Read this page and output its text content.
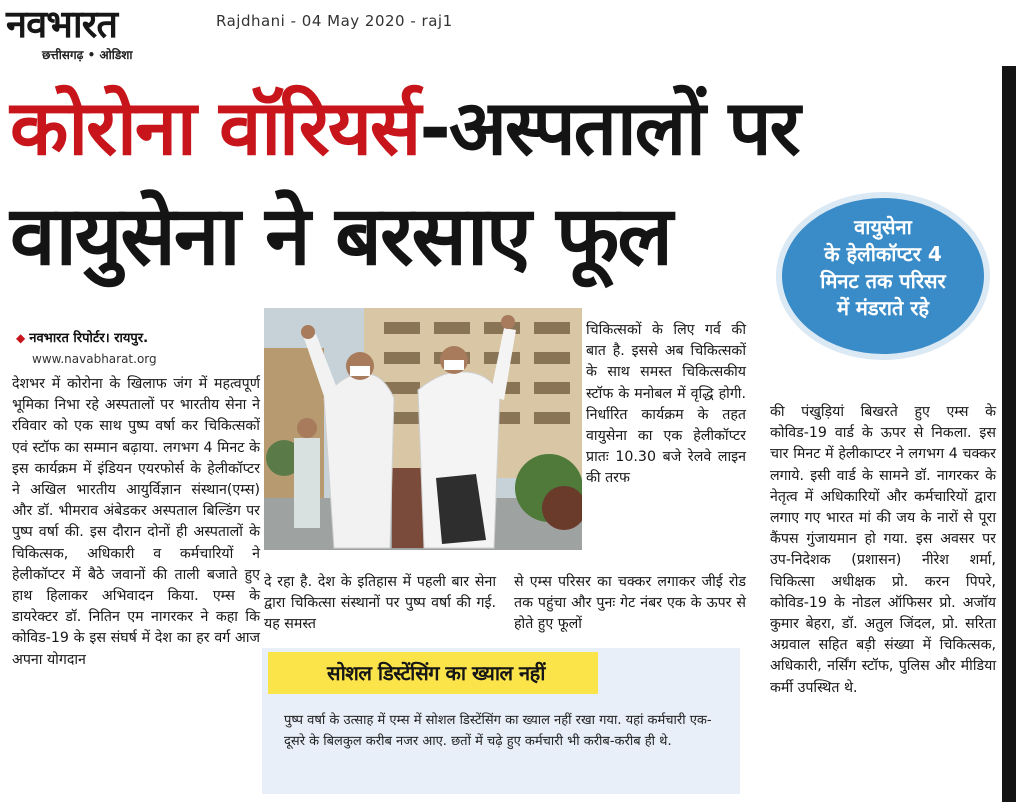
नवभारत
छत्तीसगढ़ • ओडिशा
Rajdhani - 04 May 2020 - raj1
कोरोना वॉरियर्स-अस्पतालों पर
वायुसेना ने बरसाए फूल	वायुसेना
के हेलीकॉप्टर 4
मिनट तक परिसर
में मंडराते रहे
◆ नवभारत रिपोर्टर। रायपुर.
www.navabharat.org
देशभर में कोरोना के खिलाफ जंग में महत्वपूर्ण भूमिका निभा रहे अस्पतालों पर भारतीय सेना ने रविवार को एक साथ पुष्प वर्षा कर चिकित्सकों एवं स्टॉफ का सम्मान बढ़ाया. लगभग 4 मिनट के इस कार्यक्रम में इंडियन एयरफोर्स के हेलीकॉप्टर ने अखिल भारतीय आयुर्विज्ञान संस्थान(एम्स) और डॉ. भीमराव अंबेडकर अस्पताल बिल्डिंग पर पुष्प वर्षा की. इस दौरान दोनों ही अस्पतालों के चिकित्सक, अधिकारी व कर्मचारियों ने हेलीकॉप्टर में बैठे जवानों की ताली बजाते हुए हाथ हिलाकर अभिवादन किया. एम्स के डायरेक्टर डॉ. नितिन एम नागरकर ने कहा कि कोविड-19 के इस संघर्ष में देश का हर वर्ग आज अपना योगदान
चिकित्सकों के लिए गर्व की बात है. इससे अब चिकित्सकों के साथ समस्त चिकित्सकीय स्टॉफ के मनोबल में वृद्धि होगी. निर्धारित कार्यक्रम के तहत वायुसेना का एक हेलीकॉप्टर प्रातः 10.30 बजे रेलवे लाइन की तरफ
की पंखुड़ियां बिखरते हुए एम्स के कोविड-19 वार्ड के ऊपर से निकला. इस चार मिनट में हेलीकाप्टर ने लगभग 4 चक्कर लगाये. इसी वार्ड के सामने डॉ. नागरकर के नेतृत्व में अधिकारियों और कर्मचारियों द्वारा लगाए गए भारत मां की जय के नारों से पूरा कैंपस गुंजायमान हो गया. इस अवसर पर उप-निदेशक (प्रशासन) नीरेश शर्मा, चिकित्सा अधीक्षक प्रो. करन पिपरे, कोविड-19 के नोडल ऑफिसर प्रो. अजॉय कुमार बेहरा, डॉ. अतुल जिंदल, प्रो. सरिता अग्रवाल सहित बड़ी संख्या में चिकित्सक, अधिकारी, नर्सिंग स्टॉफ, पुलिस और मीडिया कर्मी उपस्थित थे.
दे रहा है. देश के इतिहास में पहली बार सेना द्वारा चिकित्सा संस्थानों पर पुष्प वर्षा की गई. यह समस्त
से एम्स परिसर का चक्कर लगाकर जीई रोड तक पहुंचा और पुनः गेट नंबर एक के ऊपर से होते हुए फूलों
सोशल डिस्टेंसिंग का ख्याल नहीं
पुष्प वर्षा के उत्साह में एम्स में सोशल डिस्टेंसिंग का ख्याल नहीं रखा गया. यहां कर्मचारी एक-दूसरे के बिलकुल करीब नजर आए. छतों में चढ़े हुए कर्मचारी भी करीब-करीब ही थे.
